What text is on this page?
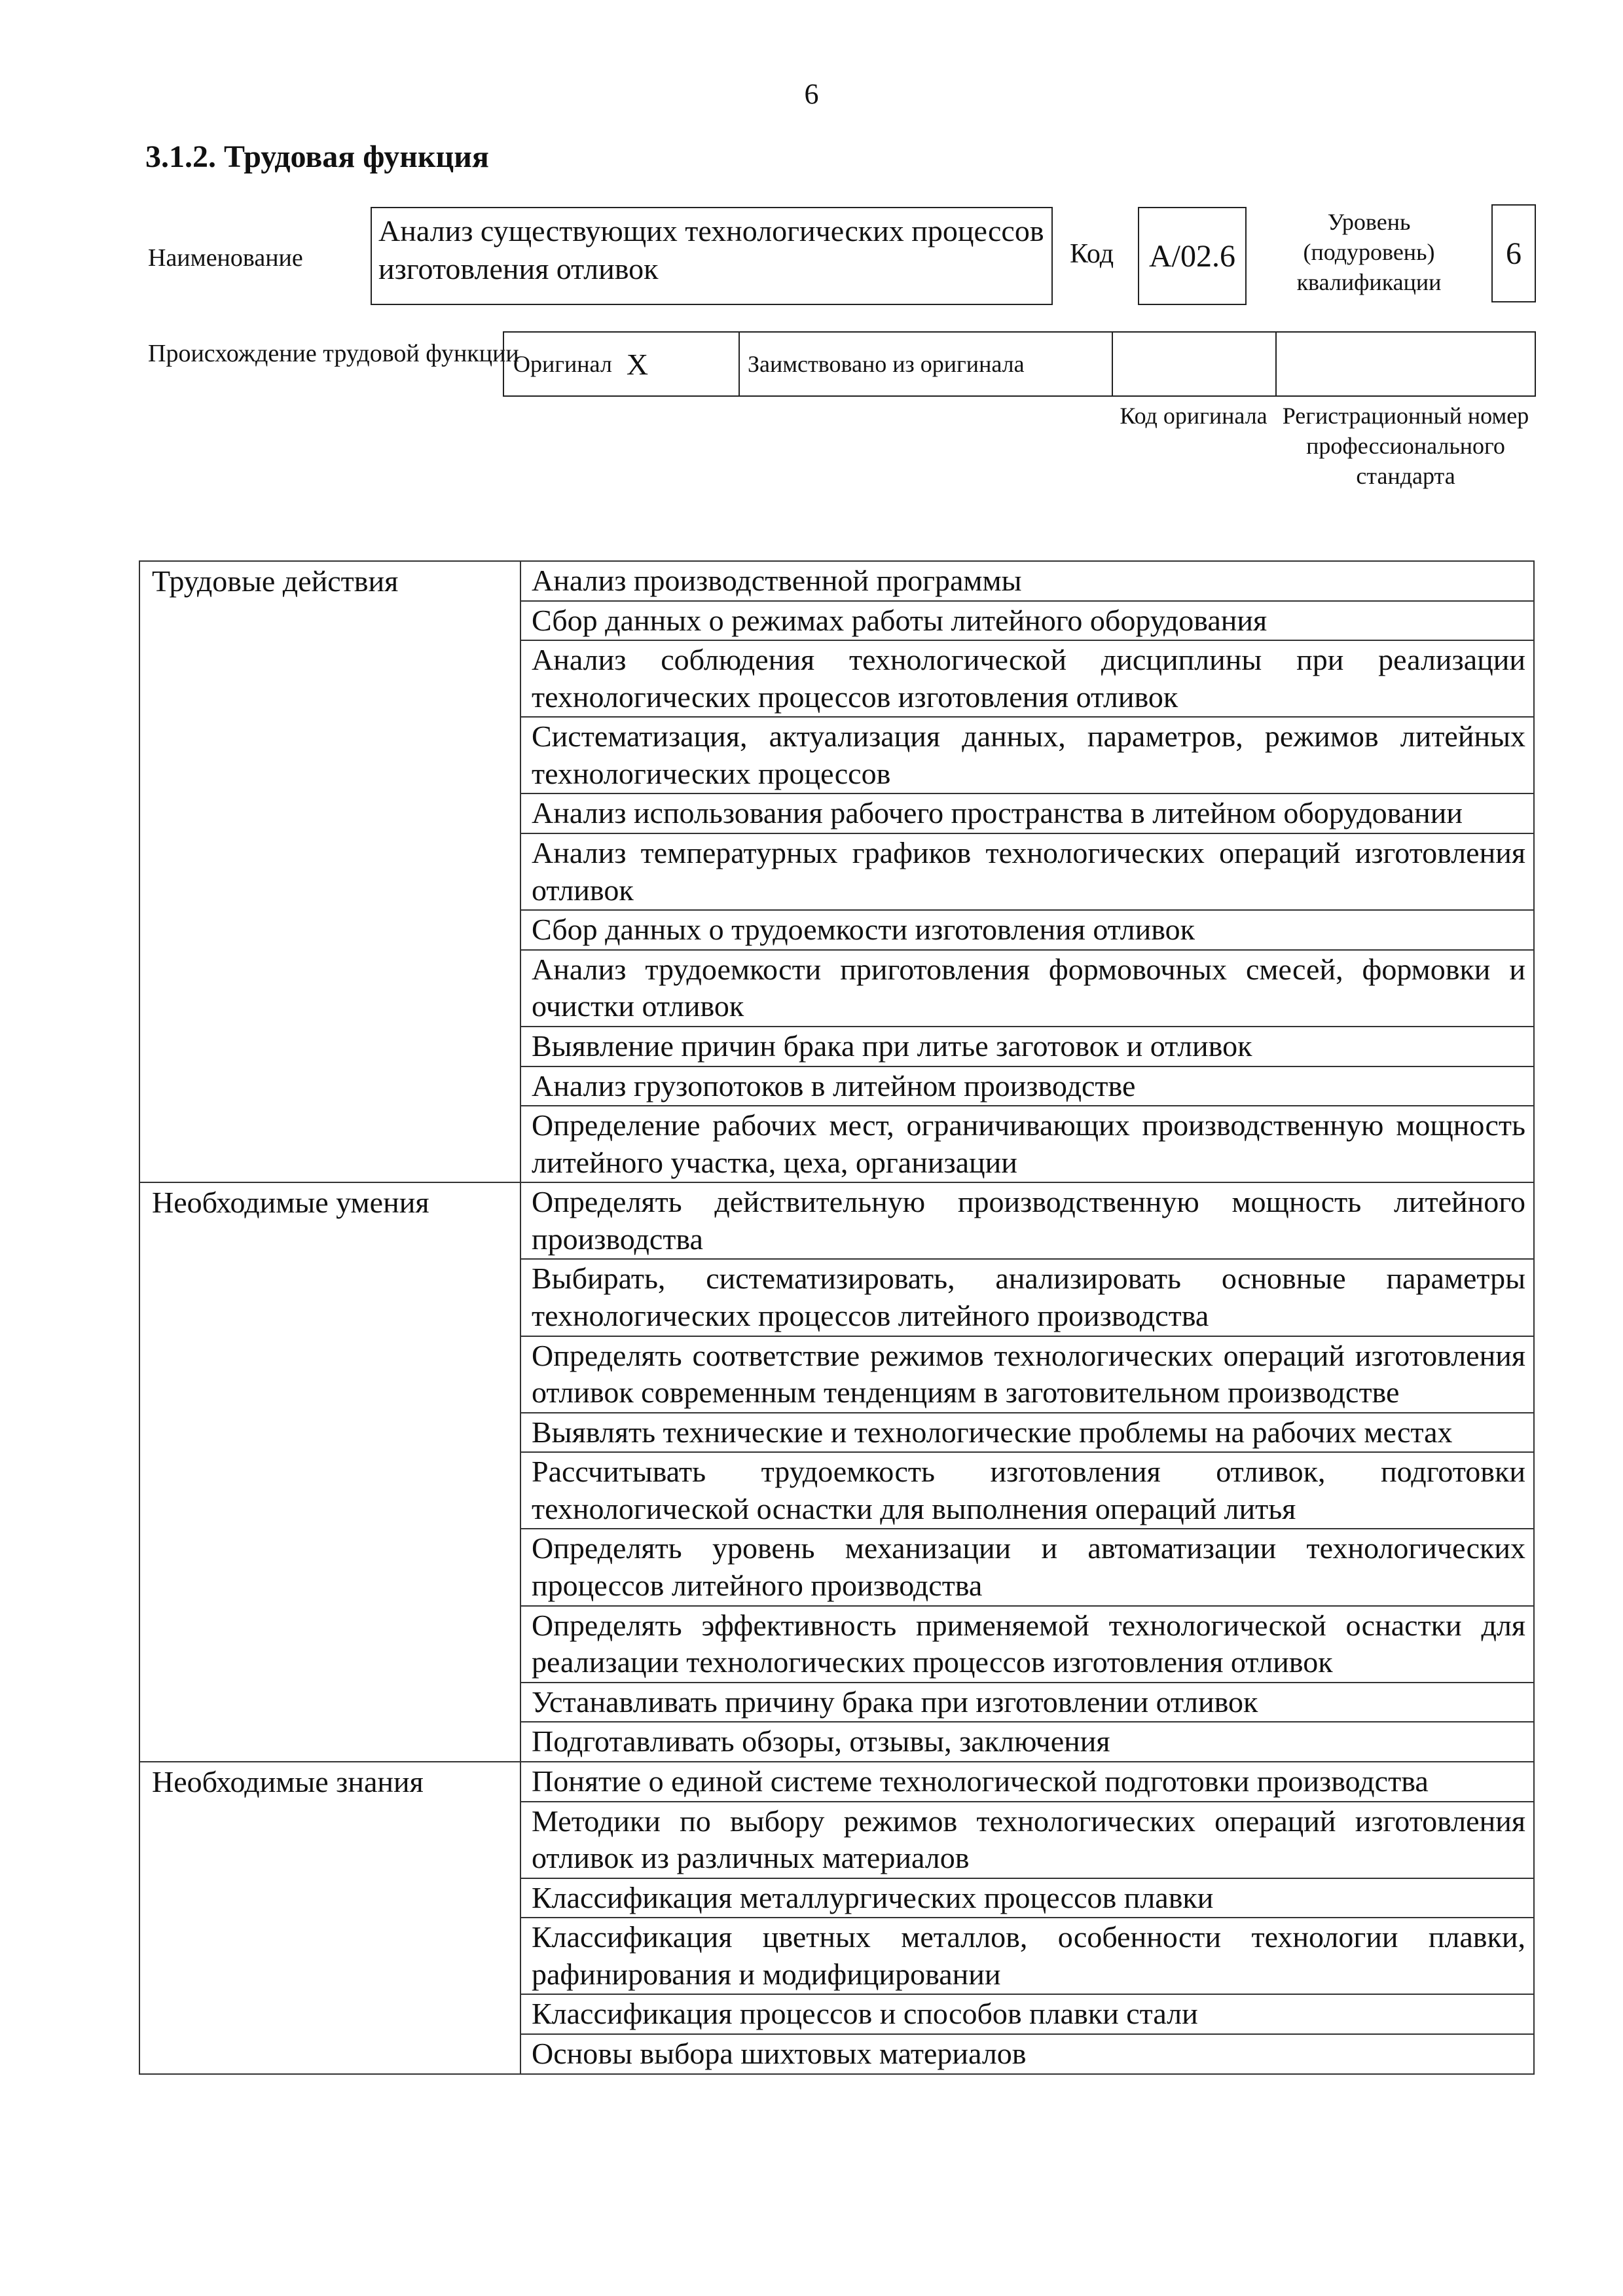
6
3.1.2. Трудовая функция
Наименование
Анализ существующих технологических процессов изготовления отливок	Код	А/02.6
Уровень (подуровень) квалификации
6
Происхождение трудовой функции
Оригинал X	Заимствовано из оригинала
Код оригинала Регистрационный номер профессионального стандарта
Трудовые действия	Анализ производственной программы
	Сбор данных о режимах работы литейного оборудования
	Анализ соблюдения технологической дисциплины при реализации технологических процессов изготовления отливок
	Систематизация, актуализация данных, параметров, режимов литейных технологических процессов
	Анализ использования рабочего пространства в литейном оборудовании
	Анализ температурных графиков технологических операций изготовления отливок
	Сбор данных о трудоемкости изготовления отливок
	Анализ трудоемкости приготовления формовочных смесей, формовки и очистки отливок
	Выявление причин брака при литье заготовок и отливок
	Анализ грузопотоков в литейном производстве
	Определение рабочих мест, ограничивающих производственную мощность литейного участка, цеха, организации
Необходимые умения	Определять действительную производственную мощность литейного производства
	Выбирать, систематизировать, анализировать основные параметры технологических процессов литейного производства
	Определять соответствие режимов технологических операций изготовления отливок современным тенденциям в заготовительном производстве
	Выявлять технические и технологические проблемы на рабочих местах
	Рассчитывать трудоемкость изготовления отливок, подготовки технологической оснастки для выполнения операций литья
	Определять уровень механизации и автоматизации технологических процессов литейного производства
	Определять эффективность применяемой технологической оснастки для реализации технологических процессов изготовления отливок
	Устанавливать причину брака при изготовлении отливок
	Подготавливать обзоры, отзывы, заключения
Необходимые знания	Понятие о единой системе технологической подготовки производства
	Методики по выбору режимов технологических операций изготовления отливок из различных материалов
	Классификация металлургических процессов плавки
	Классификация цветных металлов, особенности технологии плавки, рафинирования и модифицировании
	Классификация процессов и способов плавки стали
	Основы выбора шихтовых материалов
